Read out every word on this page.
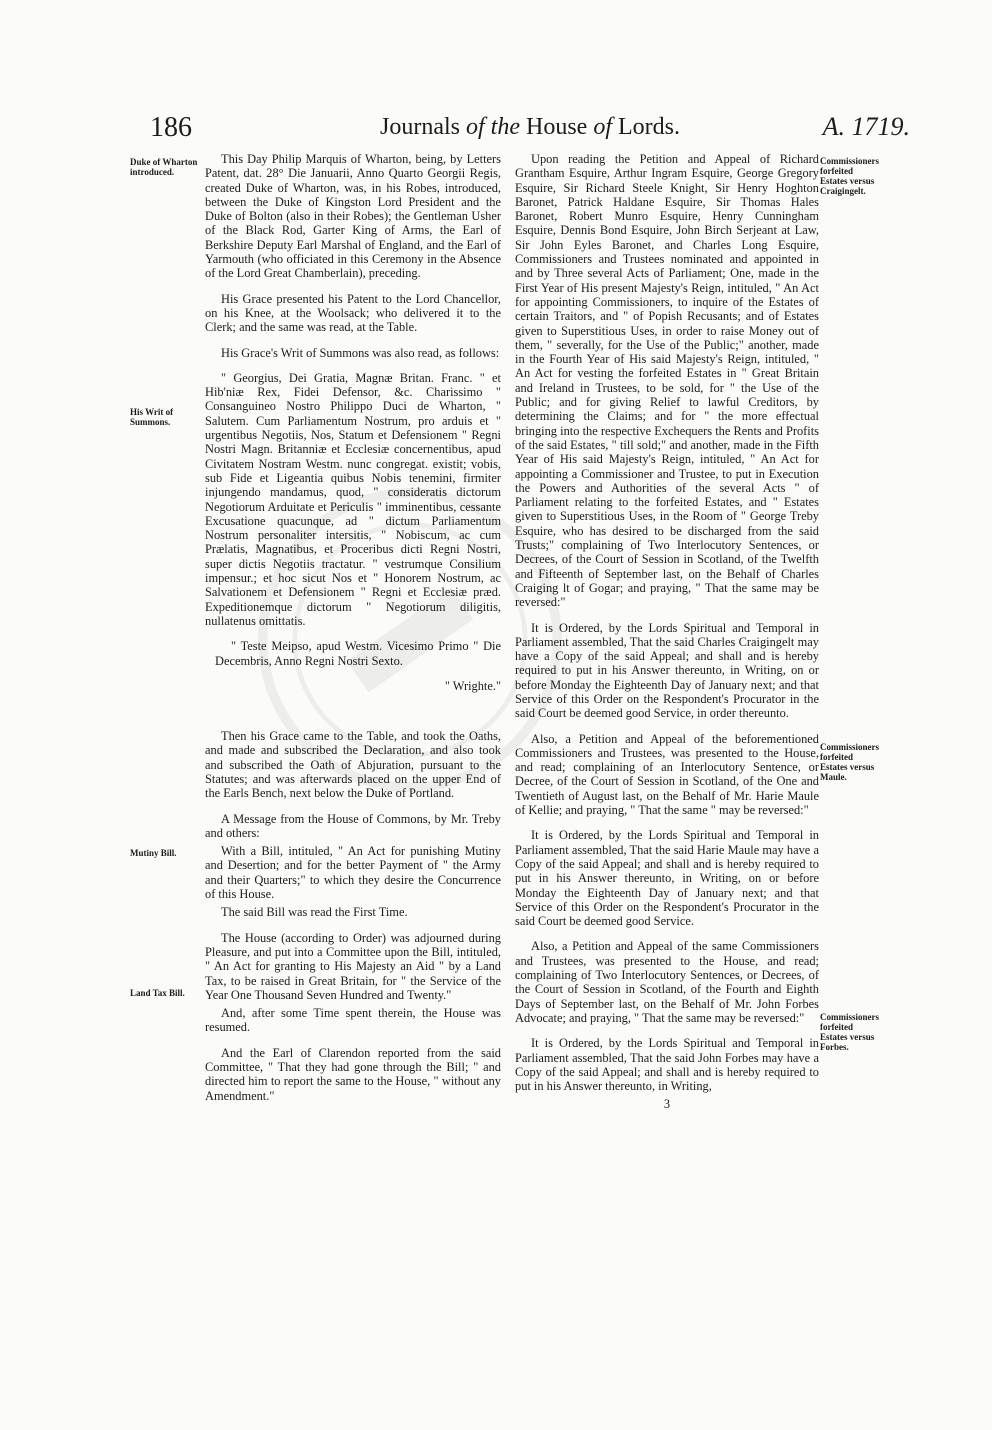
186	Journals of the House of Lords.	A. 1719.
Duke of Wharton introduced.
His Writ of Summons.
Mutiny Bill.
Land Tax Bill.
Commissioners forfeited Estates versus Craigingelt.
Commissioners forfeited Estates versus Maule.
Commissioners forfeited Estates versus Forbes.

This Day Philip Marquis of Wharton, being, by Letters Patent, dat. 28° Die Januarii, Anno Quarto Georgii Regis, created Duke of Wharton, was, in his Robes, introduced, between the Duke of Kingston Lord President and the Duke of Bolton (also in their Robes); the Gentleman Usher of the Black Rod, Garter King of Arms, the Earl of Berkshire Deputy Earl Marshal of England, and the Earl of Yarmouth (who officiated in this Ceremony in the Absence of the Lord Great Chamberlain), preceding.

His Grace presented his Patent to the Lord Chancellor, on his Knee, at the Woolsack; who delivered it to the Clerk; and the same was read, at the Table.

His Grace's Writ of Summons was also read, as follows:

" Georgius, Dei Gratia, Magnæ Britan. Franc. " et Hib'niæ Rex, Fidei Defensor, &c. Charissimo " Consanguineo Nostro Philippo Duci de Wharton, " Salutem. Cum Parliamentum Nostrum, pro arduis et " urgentibus Negotiis, Nos, Statum et Defensionem " Regni Nostri Magn. Britanniæ et Ecclesiæ concernentibus, apud Civitatem Nostram Westm. nunc congregat. existit; vobis, sub Fide et Ligeantia quibus Nobis tenemini, firmiter injungendo mandamus, quod, " consideratis dictorum Negotiorum Arduitate et Periculis " imminentibus, cessante Excusatione quacunque, ad " dictum Parliamentum Nostrum personaliter intersitis, " Nobiscum, ac cum Prælatis, Magnatibus, et Proceribus dicti Regni Nostri, super dictis Negotiis tractatur. " vestrumque Consilium impensur.; et hoc sicut Nos et " Honorem Nostrum, ac Salvationem et Defensionem " Regni et Ecclesiæ præd. Expeditionemque dictorum " Negotiorum diligitis, nullatenus omittatis.

" Teste Meipso, apud Westm. Vicesimo Primo " Die Decembris, Anno Regni Nostri Sexto.

" Wrighte."

Then his Grace came to the Table, and took the Oaths, and made and subscribed the Declaration, and also took and subscribed the Oath of Abjuration, pursuant to the Statutes; and was afterwards placed on the upper End of the Earls Bench, next below the Duke of Portland.

A Message from the House of Commons, by Mr. Treby and others:

With a Bill, intituled, " An Act for punishing Mutiny and Desertion; and for the better Payment of " the Army and their Quarters;" to which they desire the Concurrence of this House.

The said Bill was read the First Time.

The House (according to Order) was adjourned during Pleasure, and put into a Committee upon the Bill, intituled, " An Act for granting to His Majesty an Aid " by a Land Tax, to be raised in Great Britain, for " the Service of the Year One Thousand Seven Hundred and Twenty."

And, after some Time spent therein, the House was resumed.

And the Earl of Clarendon reported from the said Committee, " That they had gone through the Bill; " and directed him to report the same to the House, " without any Amendment."

Upon reading the Petition and Appeal of Richard Grantham Esquire, Arthur Ingram Esquire, George Gregory Esquire, Sir Richard Steele Knight, Sir Henry Hoghton Baronet, Patrick Haldane Esquire, Sir Thomas Hales Baronet, Robert Munro Esquire, Henry Cunningham Esquire, Dennis Bond Esquire, John Birch Serjeant at Law, Sir John Eyles Baronet, and Charles Long Esquire, Commissioners and Trustees nominated and appointed in and by Three several Acts of Parliament; One, made in the First Year of His present Majesty's Reign, intituled, " An Act for appointing Commissioners, to inquire of the Estates of certain Traitors, and " of Popish Recusants; and of Estates given to Superstitious Uses, in order to raise Money out of them, " severally, for the Use of the Public;" another, made in the Fourth Year of His said Majesty's Reign, intituled, " An Act for vesting the forfeited Estates in " Great Britain and Ireland in Trustees, to be sold, for " the Use of the Public; and for giving Relief to lawful Creditors, by determining the Claims; and for " the more effectual bringing into the respective Exchequers the Rents and Profits of the said Estates, " till sold;" and another, made in the Fifth Year of His said Majesty's Reign, intituled, " An Act for appointing a Commissioner and Trustee, to put in Execution the Powers and Authorities of the several Acts " of Parliament relating to the forfeited Estates, and " Estates given to Superstitious Uses, in the Room of " George Treby Esquire, who has desired to be discharged from the said Trusts;" complaining of Two Interlocutory Sentences, or Decrees, of the Court of Session in Scotland, of the Twelfth and Fifteenth of September last, on the Behalf of Charles Craiging lt of Gogar; and praying, " That the same may be reversed:"

It is Ordered, by the Lords Spiritual and Temporal in Parliament assembled, That the said Charles Craigingelt may have a Copy of the said Appeal; and shall and is hereby required to put in his Answer thereunto, in Writing, on or before Monday the Eighteenth Day of January next; and that Service of this Order on the Respondent's Procurator in the said Court be deemed good Service, in order thereunto.

Also, a Petition and Appeal of the beforementioned Commissioners and Trustees, was presented to the House, and read; complaining of an Interlocutory Sentence, or Decree, of the Court of Session in Scotland, of the One and Twentieth of August last, on the Behalf of Mr. Harie Maule of Kellie; and praying, " That the same " may be reversed:"

It is Ordered, by the Lords Spiritual and Temporal in Parliament assembled, That the said Harie Maule may have a Copy of the said Appeal; and shall and is hereby required to put in his Answer thereunto, in Writing, on or before Monday the Eighteenth Day of January next; and that Service of this Order on the Respondent's Procurator in the said Court be deemed good Service.

Also, a Petition and Appeal of the same Commissioners and Trustees, was presented to the House, and read; complaining of Two Interlocutory Sentences, or Decrees, of the Court of Session in Scotland, of the Fourth and Eighth Days of September last, on the Behalf of Mr. John Forbes Advocate; and praying, " That the same may be reversed:"

It is Ordered, by the Lords Spiritual and Temporal in Parliament assembled, That the said John Forbes may have a Copy of the said Appeal; and shall and is hereby required to put in his Answer thereunto, in Writing,

3
